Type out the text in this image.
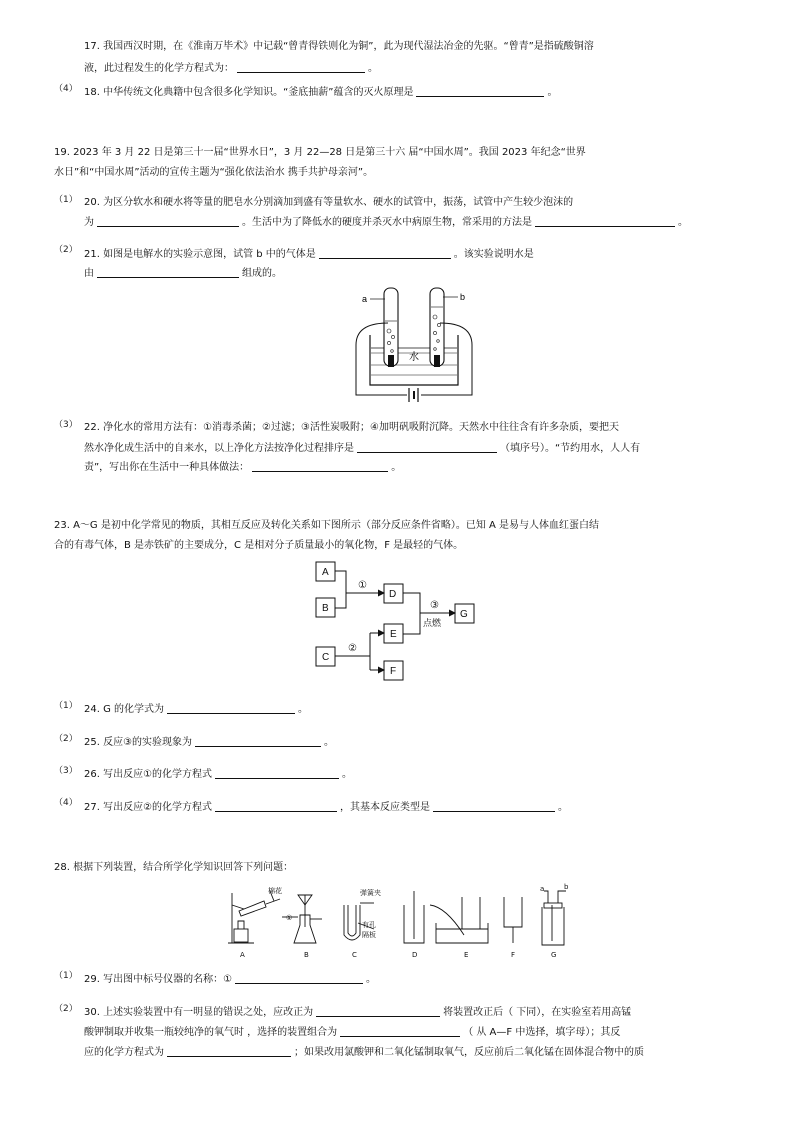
17. 我国西汉时期，在《淮南万毕术》中记载“曾青得铁则化为铜”，此为现代湿法冶金的先驱。“曾青”是指硫酸铜溶
液，此过程发生的化学方程式为：	。
（4） 18. 中华传统文化典籍中包含很多化学知识。“釜底抽薪”蕴含的灭火原理是	。
19. 2023 年 3 月 22 日是第三十一届“世界水日”，3 月 22—28 日是第三十六 届“中国水周”。我国 2023 年纪念“世界
水日”和“中国水周”活动的宣传主题为“强化依法治水 携手共护母亲河”。
（1） 20. 为区分软水和硬水将等量的肥皂水分别滴加到盛有等量软水、硬水的试管中，振荡，试管中产生较少泡沫的
为	。生活中为了降低水的硬度并杀灭水中病原生物，常采用的方法是	。
（2） 21. 如图是电解水的实验示意图，试管 b 中的气体是	。该实验说明水是
由	组成的。
a	b
水
（3） 22. 净化水的常用方法有：①消毒杀菌；②过滤；③活性炭吸附；④加明矾吸附沉降。天然水中往往含有许多杂质，要把天
然水净化成生活中的自来水，以上净化方法按净化过程排序是	（填序号）。“节约用水，人人有
责”，写出你在生活中一种具体做法：	。
23. A～G 是初中化学常见的物质，其相互反应及转化关系如下图所示（部分反应条件省略）。已知 A 是易与人体血红蛋白结
合的有毒气体，B 是赤铁矿的主要成分，C 是相对分子质量最小的氧化物，F 是最轻的气体。
A
B
D
G
C
E
F
①
③
点燃
②
（1） 24. G 的化学式为	。
（2） 25. 反应③的实验现象为	。
（3） 26. 写出反应①的化学方程式	。
（4） 27. 写出反应②的化学方程式	，其基本反应类型是	。
28. 根据下列装置，结合所学化学知识回答下列问题：
棉花
①
弹簧夹
有孔
隔板
a	b
A	B	C	D	E	F	G
（1） 29. 写出图中标号仪器的名称：①	。
（2） 30. 上述实验装置中有一明显的错误之处，应改正为	将装置改正后（ 下同），在实验室若用高锰
酸钾制取并收集一瓶较纯净的氧气时 ，选择的装置组合为	（ 从 A—F 中选择，填字母）；其反
应的化学方程式为	；如果改用氯酸钾和二氧化锰制取氧气，反应前后二氧化锰在固体混合物中的质
